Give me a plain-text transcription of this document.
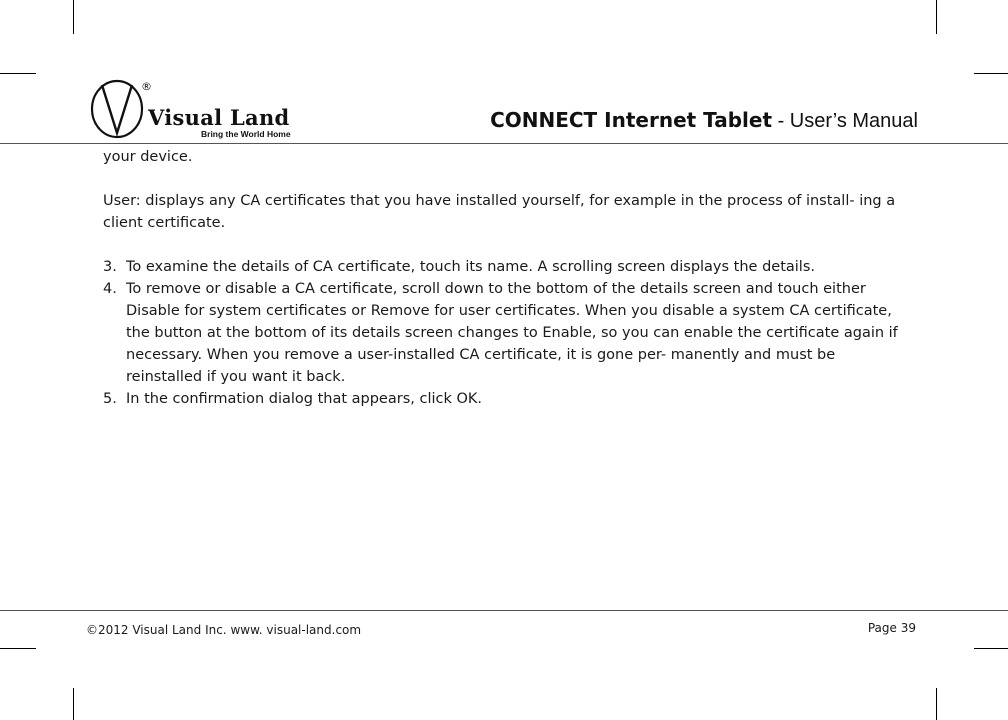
®
Visual Land
Bring the World Home
CONNECT Internet Tablet - User’s Manual

your device.

User: displays any CA certificates that you have installed yourself, for example in the process of install- ing a client certificate.

3. To examine the details of CA certificate, touch its name. A scrolling screen displays the details.
4. To remove or disable a CA certificate, scroll down to the bottom of the details screen and touch either Disable for system certificates or Remove for user certificates. When you disable a system CA certificate, the button at the bottom of its details screen changes to Enable, so you can enable the certificate again if necessary. When you remove a user-installed CA certificate, it is gone per- manently and must be reinstalled if you want it back.
5. In the confirmation dialog that appears, click OK.
©2012 Visual Land Inc. www. visual-land.com	Page 39
